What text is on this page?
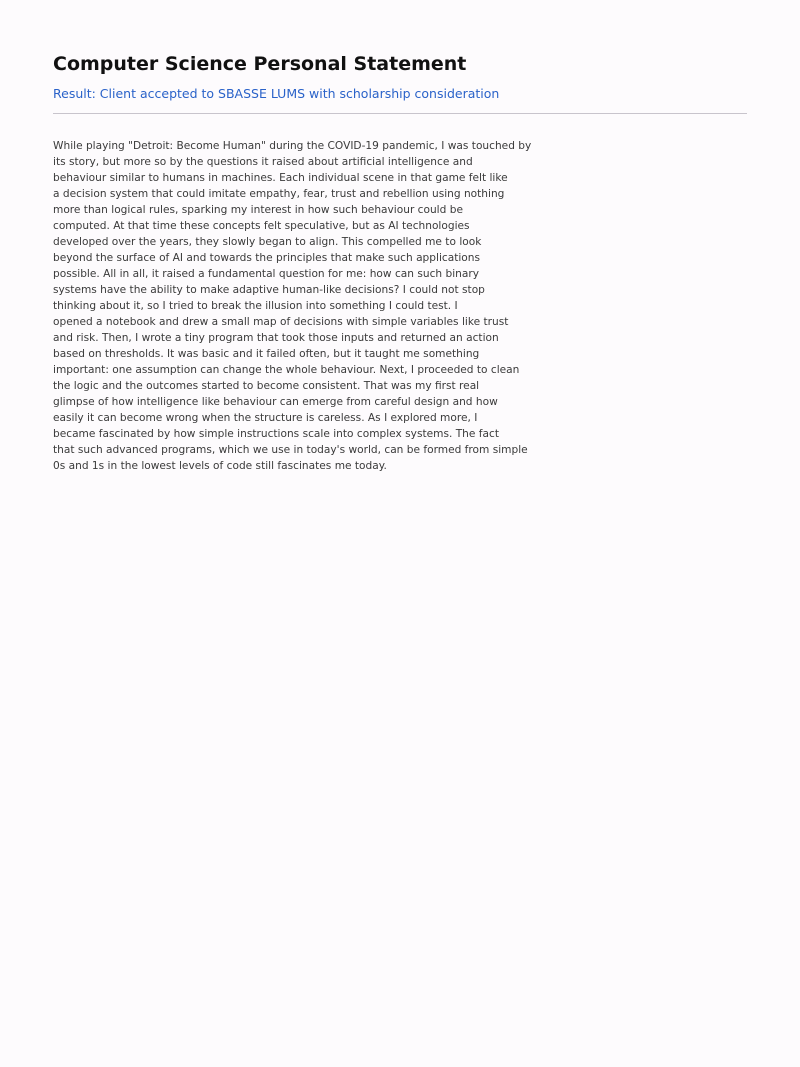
Computer Science Personal Statement

Result: Client accepted to SBASSE LUMS with scholarship consideration

While playing "Detroit: Become Human" during the COVID-19 pandemic, I was touched by
its story, but more so by the questions it raised about artificial intelligence and
behaviour similar to humans in machines. Each individual scene in that game felt like
a decision system that could imitate empathy, fear, trust and rebellion using nothing
more than logical rules, sparking my interest in how such behaviour could be
computed. At that time these concepts felt speculative, but as AI technologies
developed over the years, they slowly began to align. This compelled me to look
beyond the surface of AI and towards the principles that make such applications
possible. All in all, it raised a fundamental question for me: how can such binary
systems have the ability to make adaptive human-like decisions? I could not stop
thinking about it, so I tried to break the illusion into something I could test. I
opened a notebook and drew a small map of decisions with simple variables like trust
and risk. Then, I wrote a tiny program that took those inputs and returned an action
based on thresholds. It was basic and it failed often, but it taught me something
important: one assumption can change the whole behaviour. Next, I proceeded to clean
the logic and the outcomes started to become consistent. That was my first real
glimpse of how intelligence like behaviour can emerge from careful design and how
easily it can become wrong when the structure is careless. As I explored more, I
became fascinated by how simple instructions scale into complex systems. The fact
that such advanced programs, which we use in today's world, can be formed from simple
0s and 1s in the lowest levels of code still fascinates me today.
